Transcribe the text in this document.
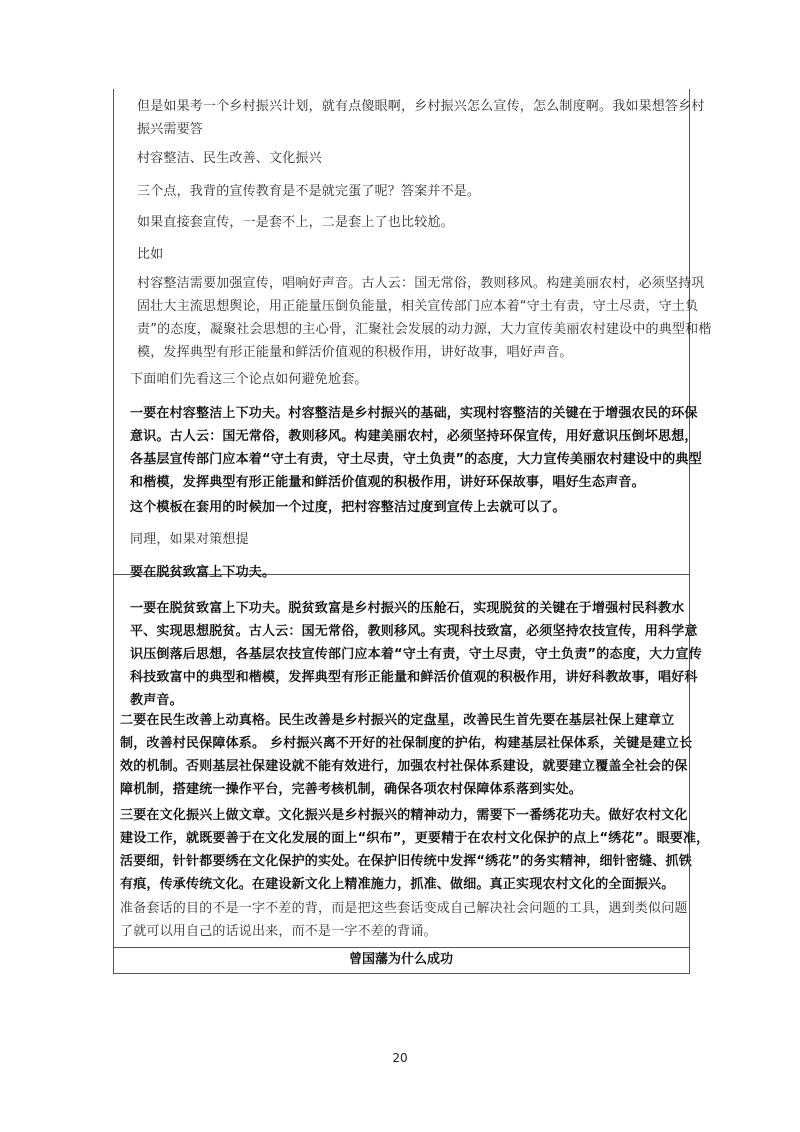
但是如果考一个乡村振兴计划，就有点傻眼啊，乡村振兴怎么宣传，怎么制度啊。我如果想答乡村
振兴需要答
村容整洁、民生改善、文化振兴
三个点，我背的宣传教育是不是就完蛋了呢？答案并不是。
如果直接套宣传，一是套不上，二是套上了也比较尬。
比如
村容整洁需要加强宣传，唱响好声音。古人云：国无常俗，教则移风。构建美丽农村，必须坚持巩
固壮大主流思想舆论，用正能量压倒负能量，相关宣传部门应本着“守土有责，守土尽责，守土负
责”的态度，凝聚社会思想的主心骨，汇聚社会发展的动力源，大力宣传美丽农村建设中的典型和楷
模，发挥典型有形正能量和鲜活价值观的积极作用，讲好故事，唱好声音。
下面咱们先看这三个论点如何避免尬套。
一要在村容整洁上下功夫。村容整洁是乡村振兴的基础，实现村容整洁的关键在于增强农民的环保
意识。古人云：国无常俗，教则移风。构建美丽农村，必须坚持环保宣传，用好意识压倒坏思想，
各基层宣传部门应本着“守土有责，守土尽责，守土负责”的态度，大力宣传美丽农村建设中的典型
和楷模，发挥典型有形正能量和鲜活价值观的积极作用，讲好环保故事，唱好生态声音。
这个模板在套用的时候加一个过度，把村容整洁过度到宣传上去就可以了。
同理，如果对策想提
要在脱贫致富上下功夫。
一要在脱贫致富上下功夫。脱贫致富是乡村振兴的压舱石，实现脱贫的关键在于增强村民科教水
平、实现思想脱贫。古人云：国无常俗，教则移风。实现科技致富，必须坚持农技宣传，用科学意
识压倒落后思想，各基层农技宣传部门应本着“守土有责，守土尽责，守土负责”的态度，大力宣传
科技致富中的典型和楷模，发挥典型有形正能量和鲜活价值观的积极作用，讲好科教故事，唱好科
教声音。
二要在民生改善上动真格。民生改善是乡村振兴的定盘星，改善民生首先要在基层社保上建章立
制，改善村民保障体系。 乡村振兴离不开好的社保制度的护佑，构建基层社保体系，关键是建立长
效的机制。否则基层社保建设就不能有效进行，加强农村社保体系建设，就要建立覆盖全社会的保
障机制，搭建统一操作平台，完善考核机制，确保各项农村保障体系落到实处。
三要在文化振兴上做文章。文化振兴是乡村振兴的精神动力，需要下一番绣花功夫。做好农村文化
建设工作，就既要善于在文化发展的面上“织布”，更要精于在农村文化保护的点上“绣花”。眼要准，
活要细，针针都要绣在文化保护的实处。在保护旧传统中发挥“绣花”的务实精神，细针密缝、抓铁
有痕，传承传统文化。在建设新文化上精准施力，抓准、做细。真正实现农村文化的全面振兴。
准备套话的目的不是一字不差的背，而是把这些套话变成自己解决社会问题的工具，遇到类似问题
了就可以用自己的话说出来，而不是一字不差的背诵。
曾国藩为什么成功
20
